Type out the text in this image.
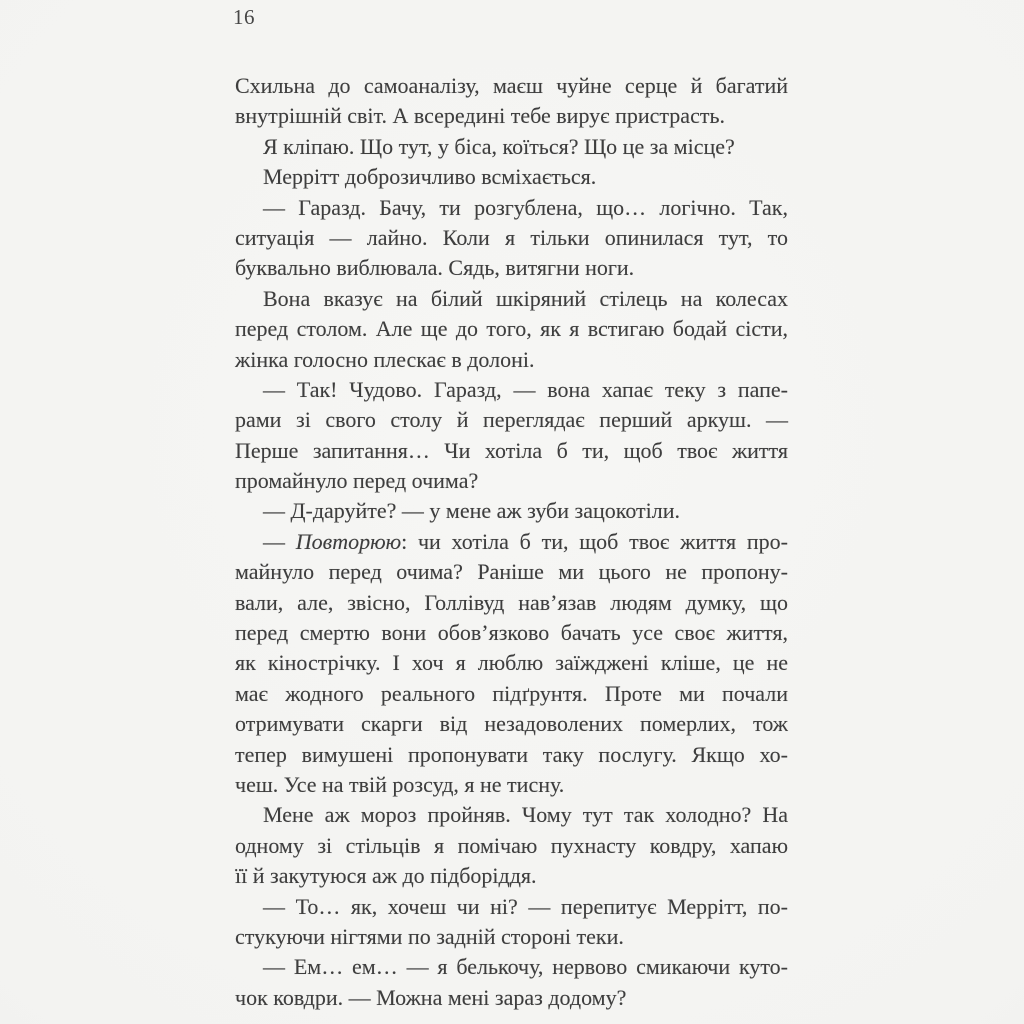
16
Схильна до самоаналізу, маєш чуйне серце й багатий
внутрішній світ. А всередині тебе вирує пристрасть.
Я кліпаю. Що тут, у біса, коїться? Що це за місце?
Меррітт доброзичливо всміхається.
— Гаразд. Бачу, ти розгублена, що… логічно. Так,
ситуація — лайно. Коли я тільки опинилася тут, то
буквально виблювала. Сядь, витягни ноги.
Вона вказує на білий шкіряний стілець на колесах
перед столом. Але ще до того, як я встигаю бодай сісти,
жінка голосно плескає в долоні.
— Так! Чудово. Гаразд, — вона хапає теку з папе-
рами зі свого столу й переглядає перший аркуш. —
Перше запитання… Чи хотіла б ти, щоб твоє життя
промайнуло перед очима?
— Д-даруйте? — у мене аж зуби зацокотіли.
— Повторюю: чи хотіла б ти, щоб твоє життя про-
майнуло перед очима? Раніше ми цього не пропону-
вали, але, звісно, Голлівуд нав’язав людям думку, що
перед смертю вони обов’язково бачать усе своє життя,
як кінострічку. І хоч я люблю заїжджені кліше, це не
має жодного реального підґрунтя. Проте ми почали
отримувати скарги від незадоволених померлих, тож
тепер вимушені пропонувати таку послугу. Якщо хо-
чеш. Усе на твій розсуд, я не тисну.
Мене аж мороз пройняв. Чому тут так холодно? На
одному зі стільців я помічаю пухнасту ковдру, хапаю
її й закутуюся аж до підборіддя.
— То… як, хочеш чи ні? — перепитує Меррітт, по-
стукуючи нігтями по задній стороні теки.
— Ем… ем… — я белькочу, нервово смикаючи куто-
чок ковдри. — Можна мені зараз додому?
